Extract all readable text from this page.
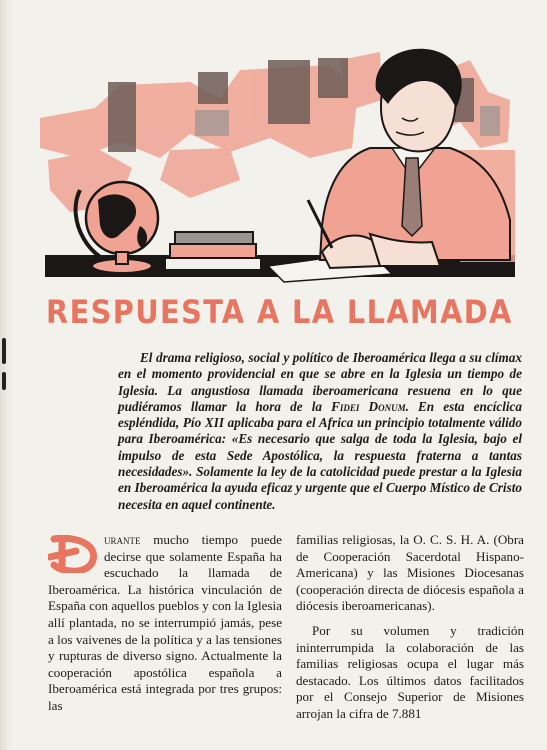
RESPUESTA A LA LLAMADA

El drama religioso, social y político de Iberoamérica llega a su clímax en el momento providencial en que se abre en la Iglesia un tiempo de Iglesia. La angustiosa llamada iberoamericana resuena en lo que pudiéramos llamar la hora de la Fidei Donum. En esta encíclica espléndida, Pío XII aplicaba para el Africa un principio totalmente válido para Iberoamérica: «Es necesario que salga de toda la Iglesia, bajo el impulso de esta Sede Apostólica, la respuesta fraterna a tantas necesidades». Solamente la ley de la catolicidad puede prestar a la Iglesia en Iberoamérica la ayuda eficaz y urgente que el Cuerpo Místico de Cristo necesita en aquel continente.

urante mucho tiempo puede decirse que solamente España ha escuchado la llamada de Iberoamérica. La histórica vinculación de España con aquellos pueblos y con la Iglesia allí plantada, no se interrumpió jamás, pese a los vaivenes de la política y a las tensiones y rupturas de diverso signo. Actualmente la cooperación apostólica española a Iberoamérica está integrada por tres grupos: las

familias religiosas, la O. C. S. H. A. (Obra de Cooperación Sacerdotal Hispano-Americana) y las Misiones Diocesanas (cooperación directa de diócesis española a diócesis iberoamericanas).

Por su volumen y tradición ininterrumpida la colaboración de las familias religiosas ocupa el lugar más destacado. Los últimos datos facilitados por el Consejo Superior de Misiones arrojan la cifra de 7.881
